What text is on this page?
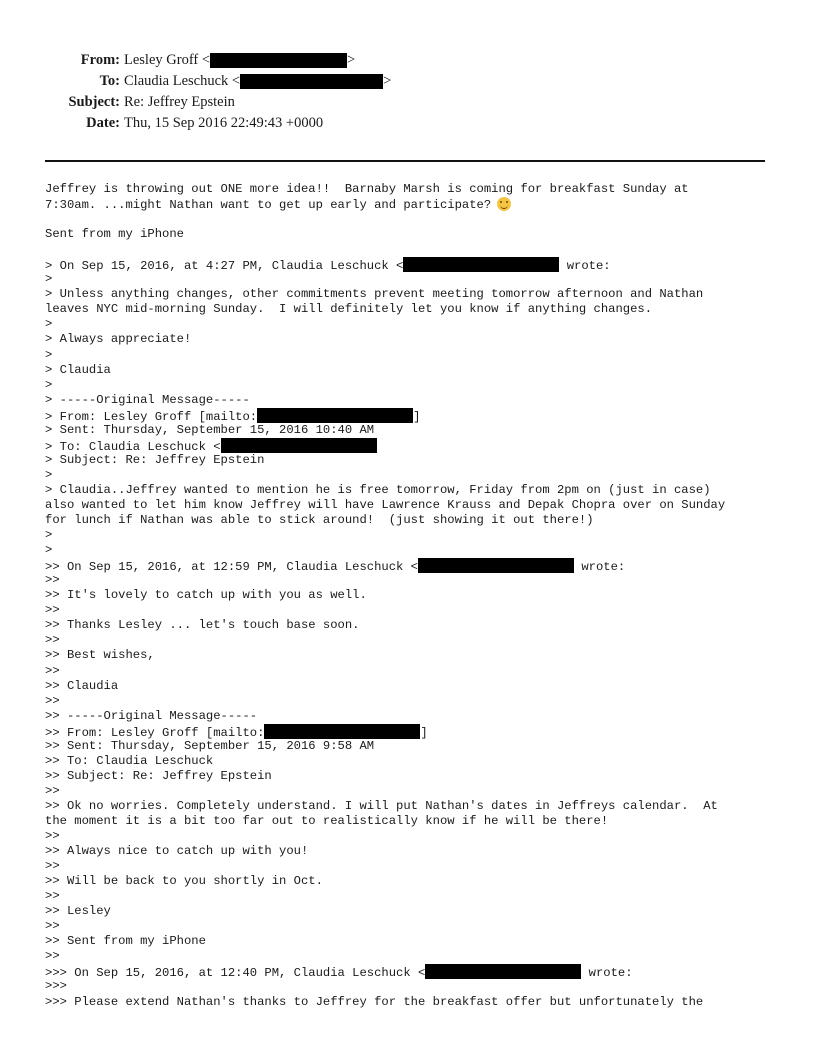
From: Lesley Groff <	>
To: Claudia Leschuck <	>
Subject: Re: Jeffrey Epstein
Date: Thu, 15 Sep 2016 22:49:43 +0000
Jeffrey is throwing out ONE more idea!!  Barnaby Marsh is coming for breakfast Sunday at
7:30am. ...might Nathan want to get up early and participate?
Sent from my iPhone
> On Sep 15, 2016, at 4:27 PM, Claudia Leschuck <	wrote:
>
> Unless anything changes, other commitments prevent meeting tomorrow afternoon and Nathan
leaves NYC mid-morning Sunday.  I will definitely let you know if anything changes.
>
> Always appreciate!
>
> Claudia
>
> -----Original Message-----
> From: Lesley Groff [mailto:	]
> Sent: Thursday, September 15, 2016 10:40 AM
> To: Claudia Leschuck <
> Subject: Re: Jeffrey Epstein
>
> Claudia..Jeffrey wanted to mention he is free tomorrow, Friday from 2pm on (just in case)
also wanted to let him know Jeffrey will have Lawrence Krauss and Depak Chopra over on Sunday
for lunch if Nathan was able to stick around!  (just showing it out there!)
>
>
>> On Sep 15, 2016, at 12:59 PM, Claudia Leschuck <	wrote:
>>
>> It's lovely to catch up with you as well.
>>
>> Thanks Lesley ... let's touch base soon.
>>
>> Best wishes,
>>
>> Claudia
>>
>> -----Original Message-----
>> From: Lesley Groff [mailto:	]
>> Sent: Thursday, September 15, 2016 9:58 AM
>> To: Claudia Leschuck
>> Subject: Re: Jeffrey Epstein
>>
>> Ok no worries. Completely understand. I will put Nathan's dates in Jeffreys calendar.  At
the moment it is a bit too far out to realistically know if he will be there!
>>
>> Always nice to catch up with you!
>>
>> Will be back to you shortly in Oct.
>>
>> Lesley
>>
>> Sent from my iPhone
>>
>>> On Sep 15, 2016, at 12:40 PM, Claudia Leschuck <	wrote:
>>>
>>> Please extend Nathan's thanks to Jeffrey for the breakfast offer but unfortunately the
